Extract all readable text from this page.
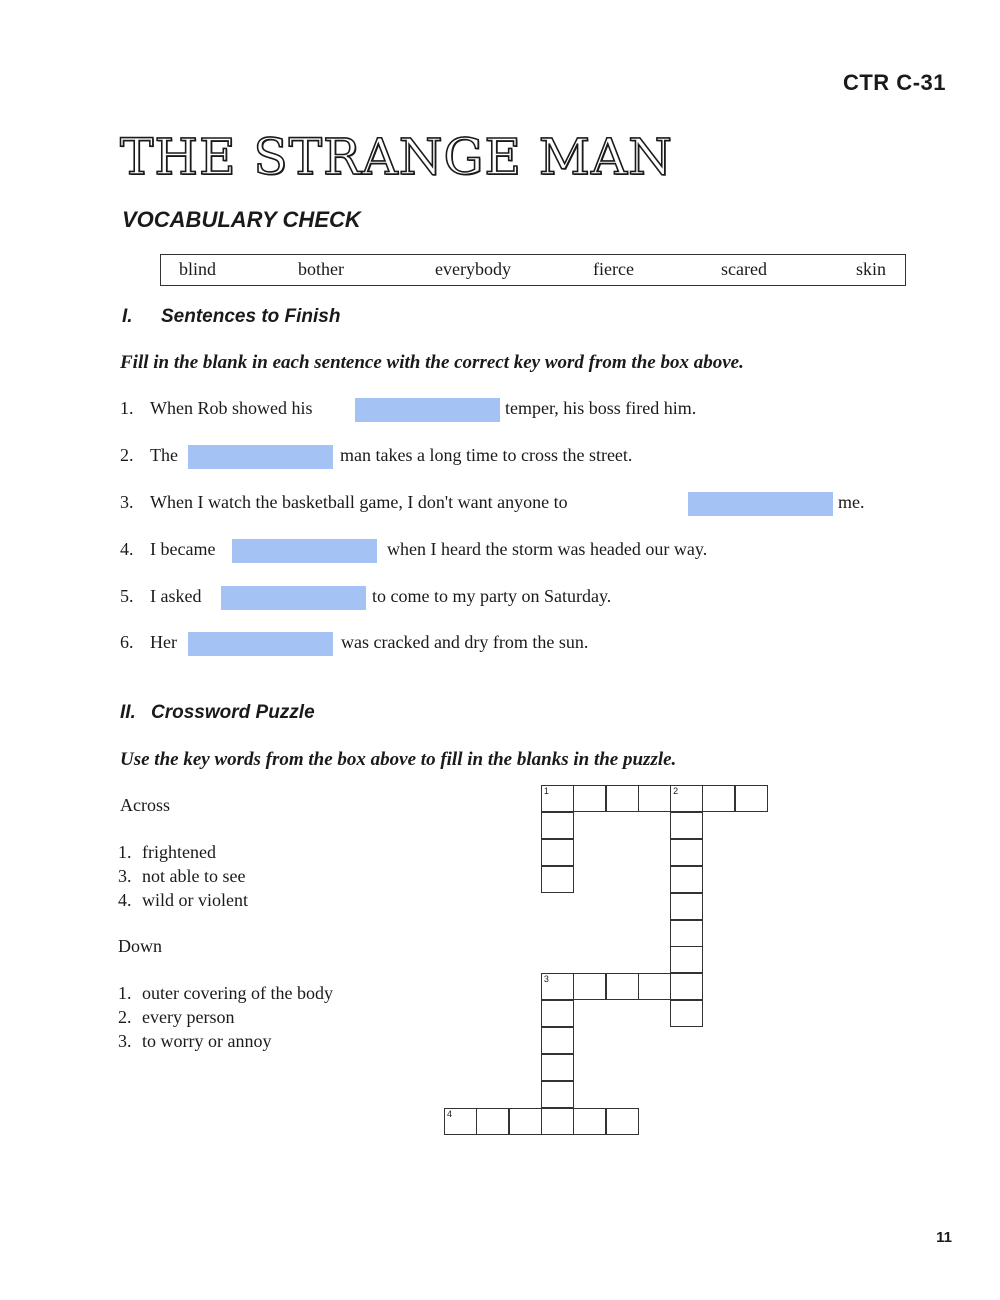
CTR C-31
THE STRANGE MAN
VOCABULARY CHECK
blind	bother	everybody	fierce	scared	skin
I. Sentences to Finish
Fill in the blank in each sentence with the correct key word from the box above.
1. When Rob showed his	temper, his boss fired him.
2. The	man takes a long time to cross the street.
3. When I watch the basketball game, I don't want anyone to	me.
4. I became	when I heard the storm was headed our way.
5. I asked	to come to my party on Saturday.
6. Her	was cracked and dry from the sun.
II. Crossword Puzzle
Use the key words from the box above to fill in the blanks in the puzzle.
Across
1. frightened
3. not able to see
4. wild or violent
Down
1. outer covering of the body
2. every person
3. to worry or annoy
1	2
3
4
11
